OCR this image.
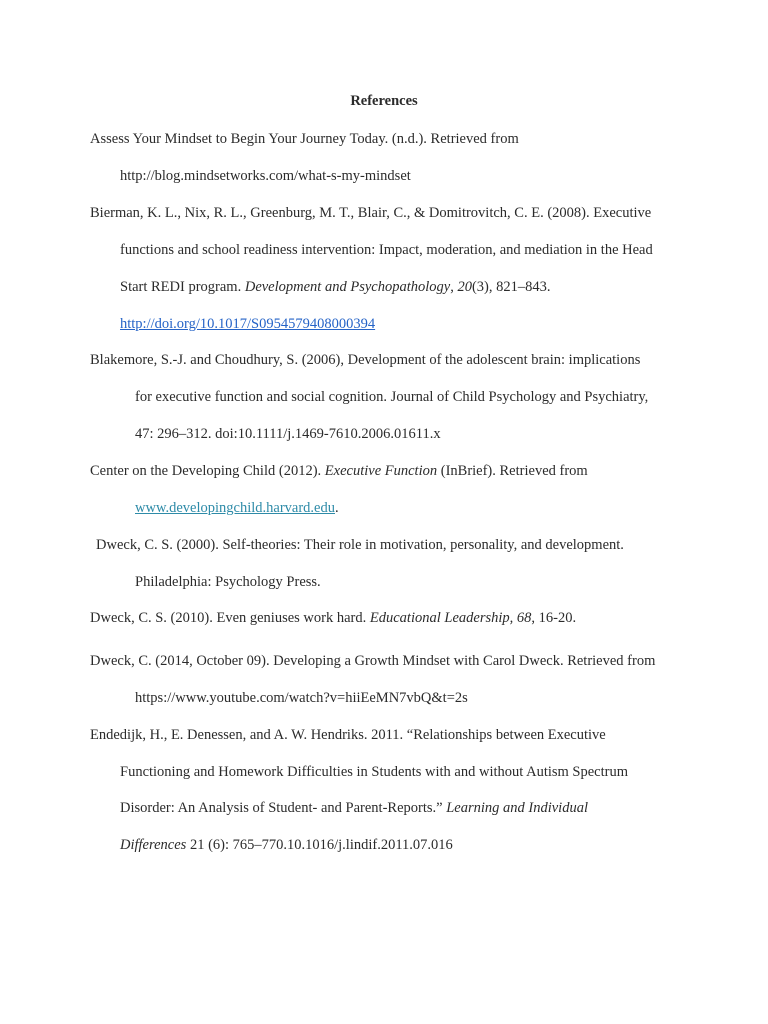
References
Assess Your Mindset to Begin Your Journey Today. (n.d.). Retrieved from
http://blog.mindsetworks.com/what-s-my-mindset
Bierman, K. L., Nix, R. L., Greenburg, M. T., Blair, C., & Domitrovitch, C. E. (2008). Executive
functions and school readiness intervention: Impact, moderation, and mediation in the Head
Start REDI program. Development and Psychopathology, 20(3), 821–843.
http://doi.org/10.1017/S0954579408000394
Blakemore, S.-J. and Choudhury, S. (2006), Development of the adolescent brain: implications
for executive function and social cognition. Journal of Child Psychology and Psychiatry,
47: 296–312. doi:10.1111/j.1469-7610.2006.01611.x
Center on the Developing Child (2012). Executive Function (InBrief). Retrieved from
www.developingchild.harvard.edu.
Dweck, C. S. (2000). Self-theories: Their role in motivation, personality, and development.
Philadelphia: Psychology Press.
Dweck, C. S. (2010). Even geniuses work hard. Educational Leadership, 68, 16-20.
Dweck, C. (2014, October 09). Developing a Growth Mindset with Carol Dweck. Retrieved from
https://www.youtube.com/watch?v=hiiEeMN7vbQ&t=2s
Endedijk, H., E. Denessen, and A. W. Hendriks. 2011. “Relationships between Executive
Functioning and Homework Difficulties in Students with and without Autism Spectrum
Disorder: An Analysis of Student- and Parent-Reports.” Learning and Individual
Differences 21 (6): 765–770.10.1016/j.lindif.2011.07.016
